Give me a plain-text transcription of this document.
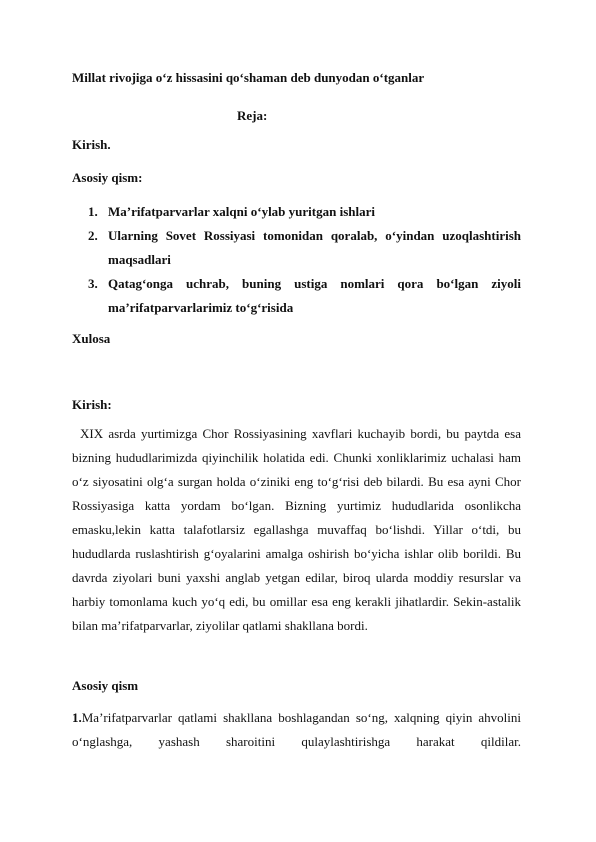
Millat rivojiga o‘z hissasini qo‘shaman deb dunyodan o‘tganlar
Reja:
Kirish.
Asosiy qism:
1. Ma’rifatparvarlar xalqni o‘ylab yuritgan ishlari
2. Ularning Sovet Rossiyasi tomonidan qoralab, o‘yindan uzoqlashtirish maqsadlari
3. Qatag‘onga uchrab, buning ustiga nomlari qora bo‘lgan ziyoli ma’rifatparvarlarimiz to‘g‘risida
Xulosa
Kirish:

XIX asrda yurtimizga Chor Rossiyasining xavflari kuchayib bordi, bu paytda esa bizning hududlarimizda qiyinchilik holatida edi. Chunki xonliklarimiz uchalasi ham o‘z siyosatini olg‘a surgan holda o‘ziniki eng to‘g‘risi deb bilardi. Bu esa ayni Chor Rossiyasiga katta yordam bo‘lgan. Bizning yurtimiz hududlarida osonlikcha emasku,lekin katta talafotlarsiz egallashga muvaffaq bo‘lishdi. Yillar o‘tdi, bu hududlarda ruslashtirish g‘oyalarini amalga oshirish bo‘yicha ishlar olib borildi. Bu davrda ziyolari buni yaxshi anglab yetgan edilar, biroq ularda moddiy resurslar va harbiy tomonlama kuch yo‘q edi, bu omillar esa eng kerakli jihatlardir. Sekin-astalik bilan ma’rifatparvarlar, ziyolilar qatlami shakllana bordi.

Asosiy qism

1.Ma’rifatparvarlar qatlami shakllana boshlagandan so‘ng, xalqning qiyin ahvolini o‘nglashga, yashash sharoitini qulaylashtirishga harakat qildilar.
